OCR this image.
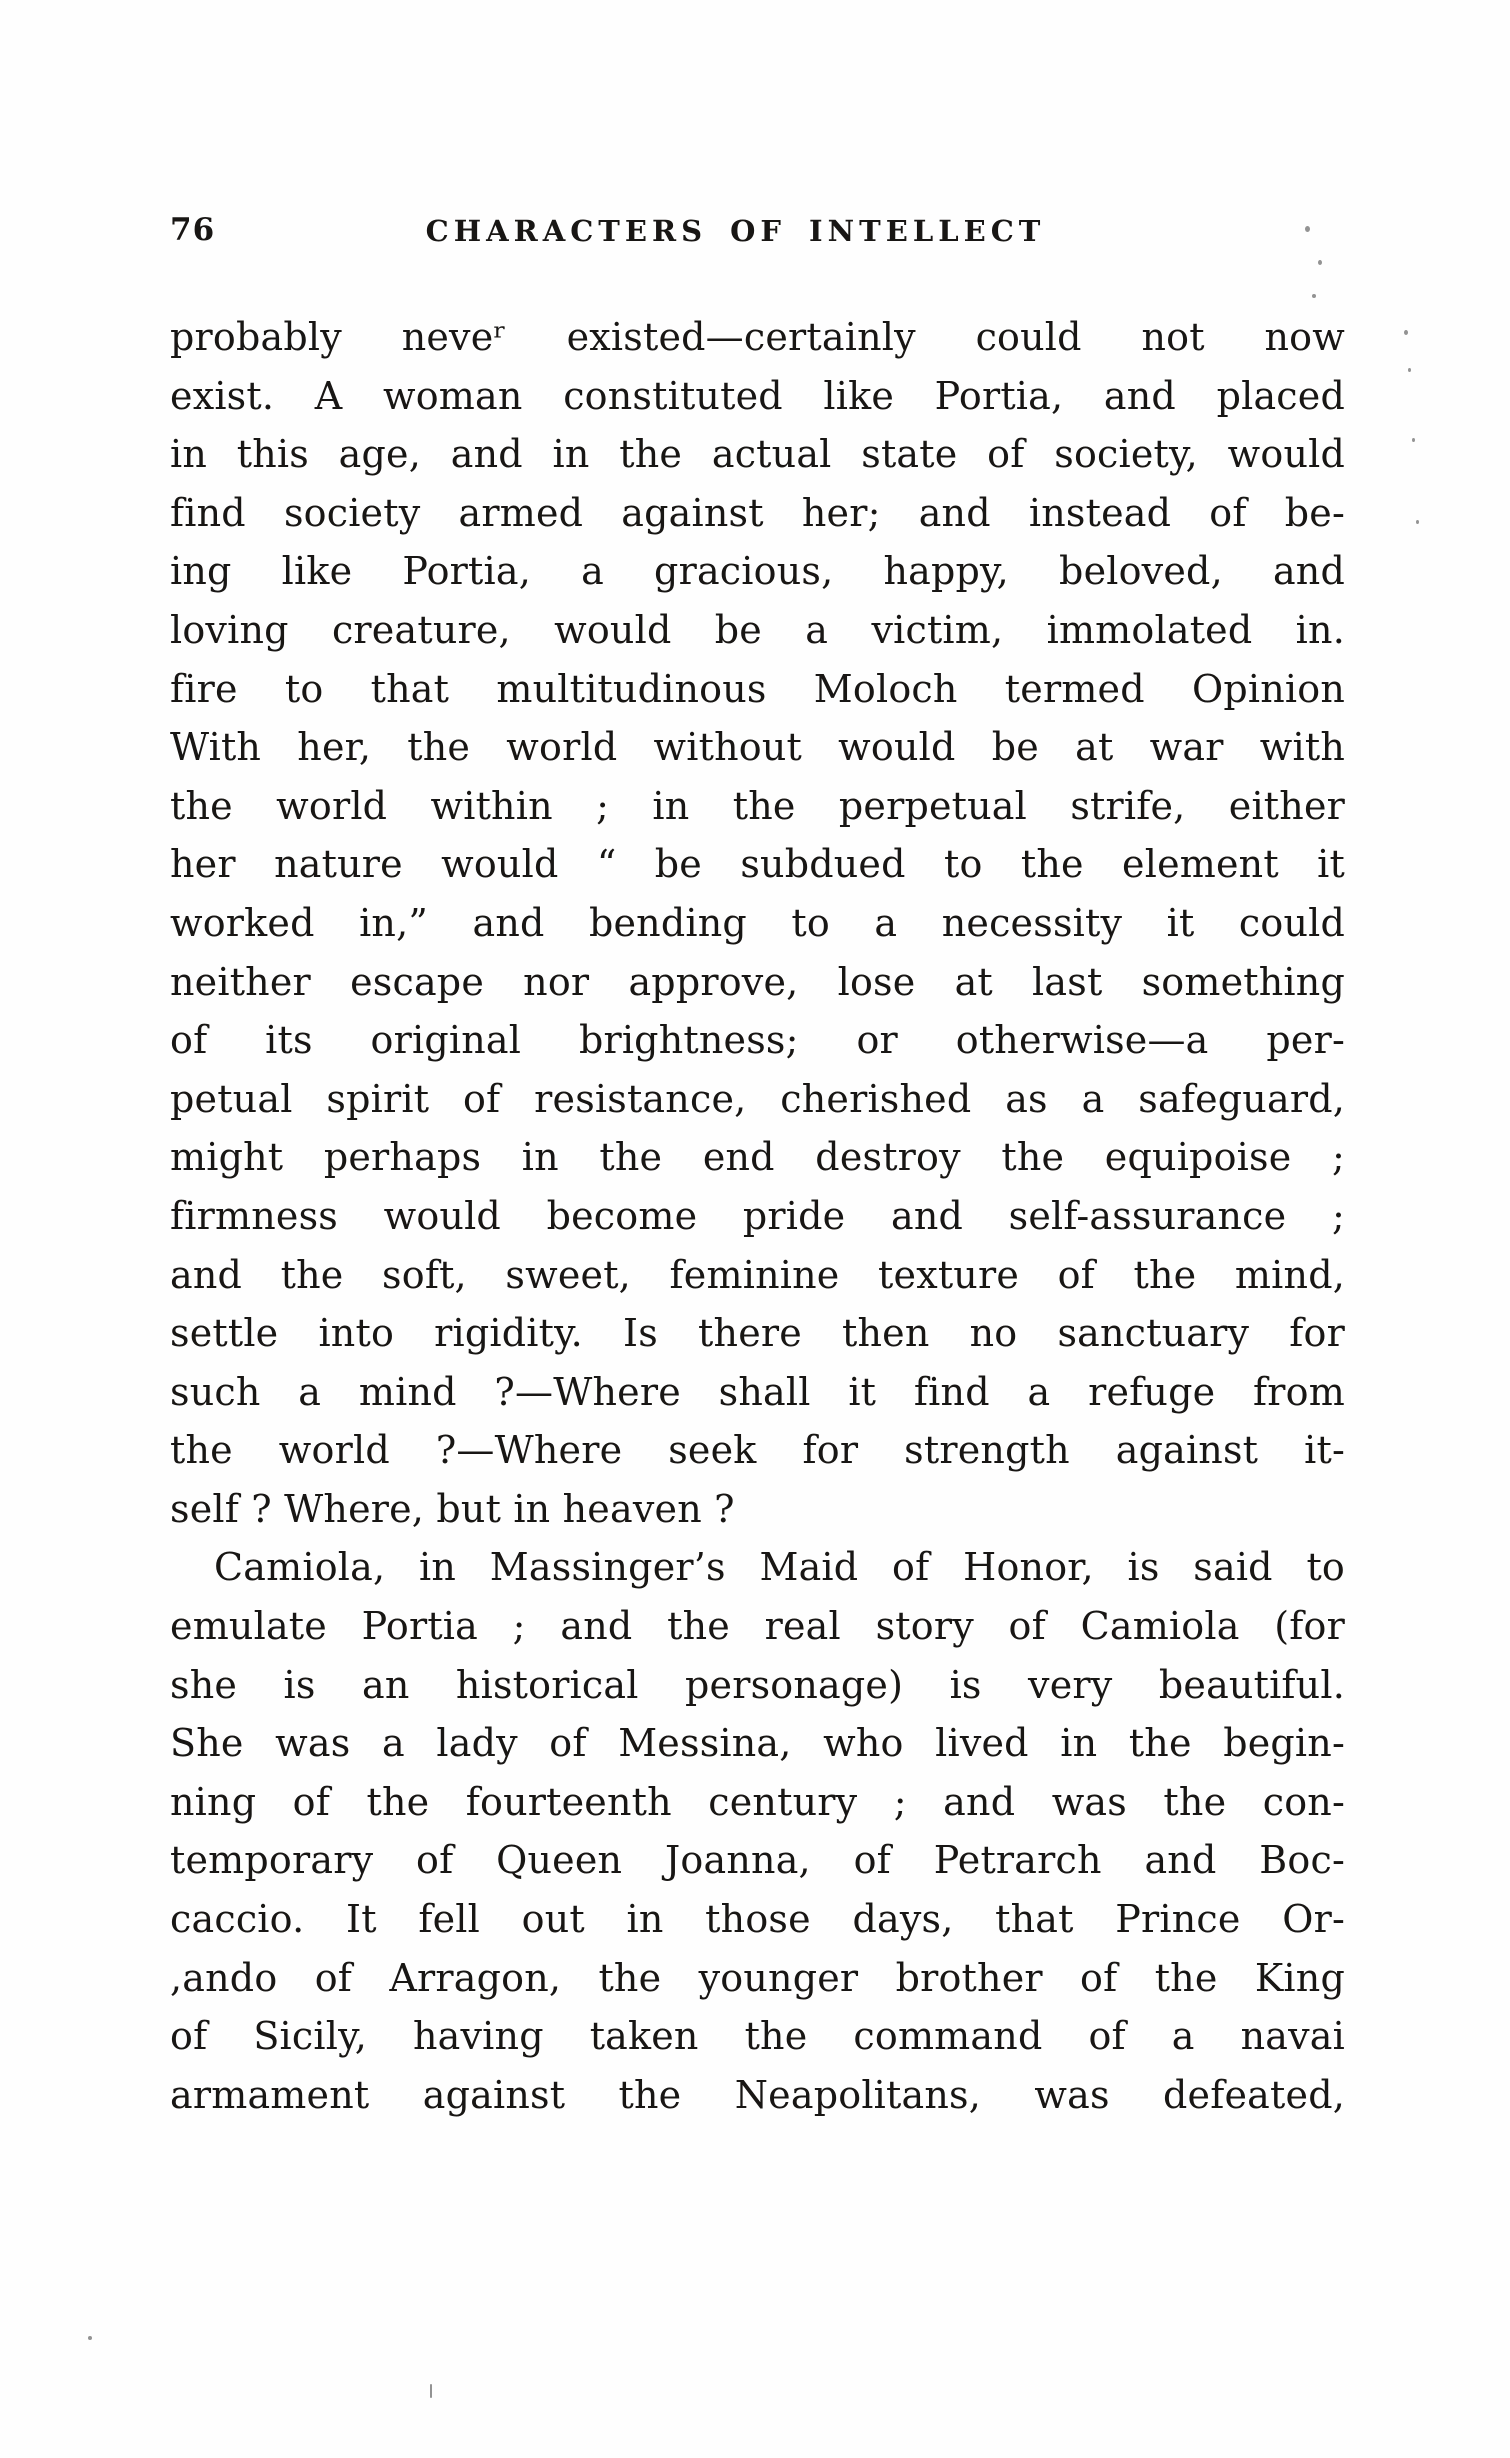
76	CHARACTERS OF INTELLECT
probably neveʳ existed—certainly could not now
exist. A woman constituted like Portia, and placed
in this age, and in the actual state of society, would
find society armed against her; and instead of be-
ing like Portia, a gracious, happy, beloved, and
loving creature, would be a victim, immolated in.
fire to that multitudinous Moloch termed Opinion
With her, the world without would be at war with
the world within ; in the perpetual strife, either
her nature would “ be subdued to the element it
worked in,” and bending to a necessity it could
neither escape nor approve, lose at last something
of its original brightness; or otherwise—a per-
petual spirit of resistance, cherished as a safeguard,
might perhaps in the end destroy the equipoise ;
firmness would become pride and self-assurance ;
and the soft, sweet, feminine texture of the mind,
settle into rigidity. Is there then no sanctuary for
such a mind ?—Where shall it find a refuge from
the world ?—Where seek for strength against it-
self ? Where, but in heaven ?
Camiola, in Massinger’s Maid of Honor, is said to
emulate Portia ; and the real story of Camiola (for
she is an historical personage) is very beautiful.
She was a lady of Messina, who lived in the begin-
ning of the fourteenth century ; and was the con-
temporary of Queen Joanna, of Petrarch and Boc-
caccio. It fell out in those days, that Prince Or-
,ando of Arragon, the younger brother of the King
of Sicily, having taken the command of a navai
armament against the Neapolitans, was defeated,
